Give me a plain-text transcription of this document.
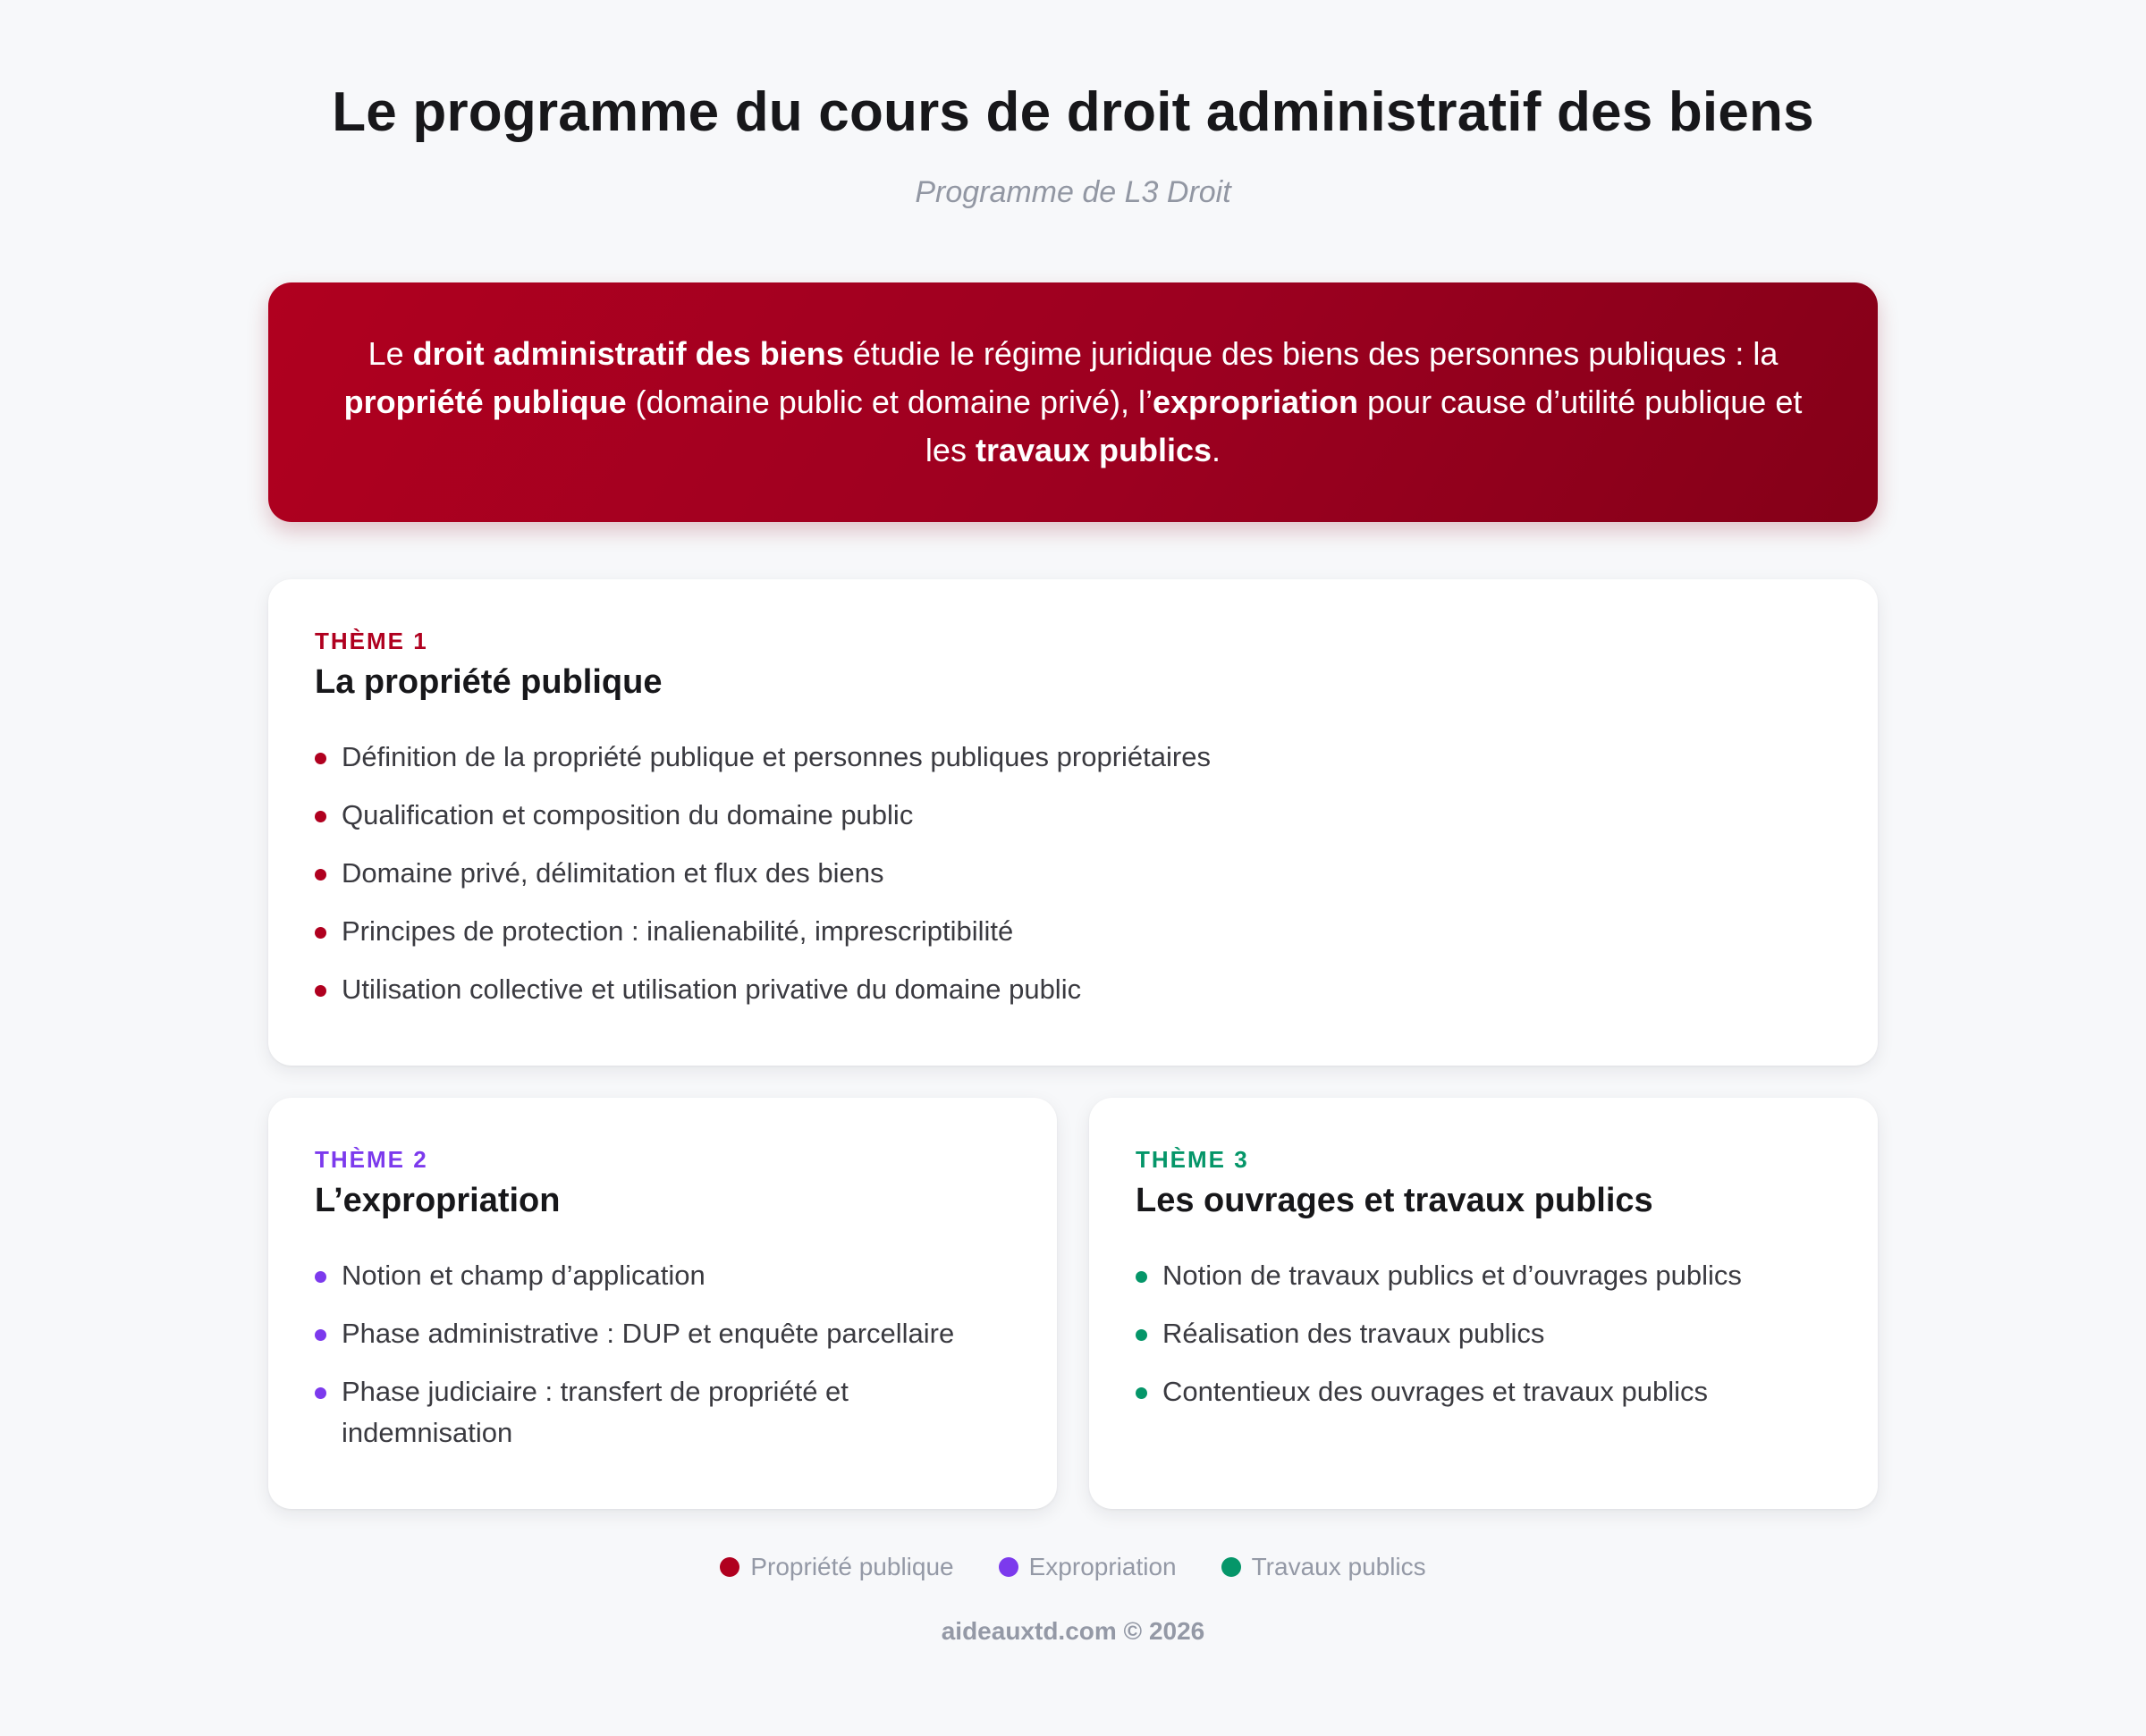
Le programme du cours de droit administratif des biens
Programme de L3 Droit

Le droit administratif des biens étudie le régime juridique des biens des personnes publiques : la propriété publique (domaine public et domaine privé), l’expropriation pour cause d’utilité publique et les travaux publics.

THÈME 1
La propriété publique
Définition de la propriété publique et personnes publiques propriétaires
Qualification et composition du domaine public
Domaine privé, délimitation et flux des biens
Principes de protection : inalienabilité, imprescriptibilité
Utilisation collective et utilisation privative du domaine public
THÈME 2
L’expropriation
Notion et champ d’application
Phase administrative : DUP et enquête parcellaire
Phase judiciaire : transfert de propriété et indemnisation
THÈME 3
Les ouvrages et travaux publics
Notion de travaux publics et d’ouvrages publics
Réalisation des travaux publics
Contentieux des ouvrages et travaux publics
Propriété publique	Expropriation	Travaux publics
aideauxtd.com © 2026
